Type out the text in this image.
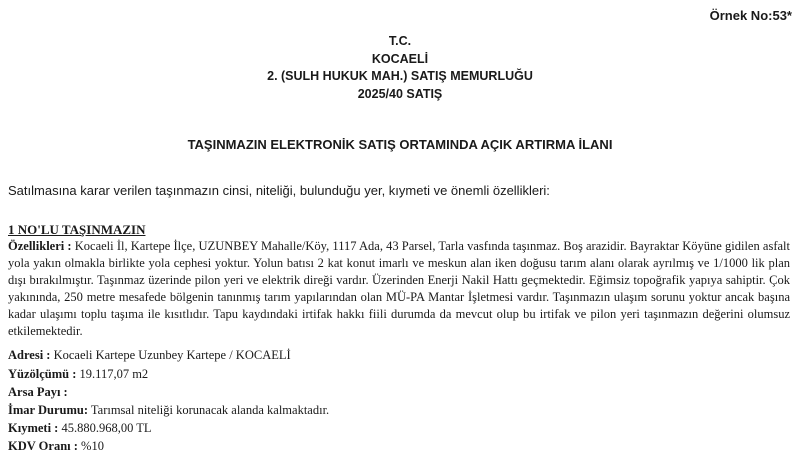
Örnek No:53*
T.C.
KOCAELİ
2. (SULH HUKUK MAH.) SATIŞ MEMURLUĞU
2025/40 SATIŞ
TAŞINMAZIN ELEKTRONİK SATIŞ ORTAMINDA AÇIK ARTIRMA İLANI
Satılmasına karar verilen taşınmazın cinsi, niteliği, bulunduğu yer, kıymeti ve önemli özellikleri:
1 NO'LU TAŞINMAZIN
Özellikleri : Kocaeli İl, Kartepe İlçe, UZUNBEY Mahalle/Köy, 1117 Ada, 43 Parsel, Tarla vasfında taşınmaz. Boş arazidir. Bayraktar Köyüne gidilen asfalt yola yakın olmakla birlikte yola cephesi yoktur. Yolun batısı 2 kat konut imarlı ve meskun alan iken doğusu tarım alanı olarak ayrılmış ve 1/1000 lik plan dışı bırakılmıştır. Taşınmaz üzerinde pilon yeri ve elektrik direği vardır. Üzerinden Enerji Nakil Hattı geçmektedir. Eğimsiz topoğrafik yapıya sahiptir. Çok yakınında, 250 metre mesafede bölgenin tanınmış tarım yapılarından olan MÜ-PA Mantar İşletmesi vardır. Taşınmazın ulaşım sorunu yoktur ancak başına kadar ulaşımı toplu taşıma ile kısıtlıdır. Tapu kaydındaki irtifak hakkı fiili durumda da mevcut olup bu irtifak ve pilon yeri taşınmazın değerini olumsuz etkilemektedir.
Adresi : Kocaeli Kartepe Uzunbey Kartepe / KOCAELİ
Yüzölçümü : 19.117,07 m2
Arsa Payı :
İmar Durumu: Tarımsal niteliği korunacak alanda kalmaktadır.
Kıymeti : 45.880.968,00 TL
KDV Oranı : %10
